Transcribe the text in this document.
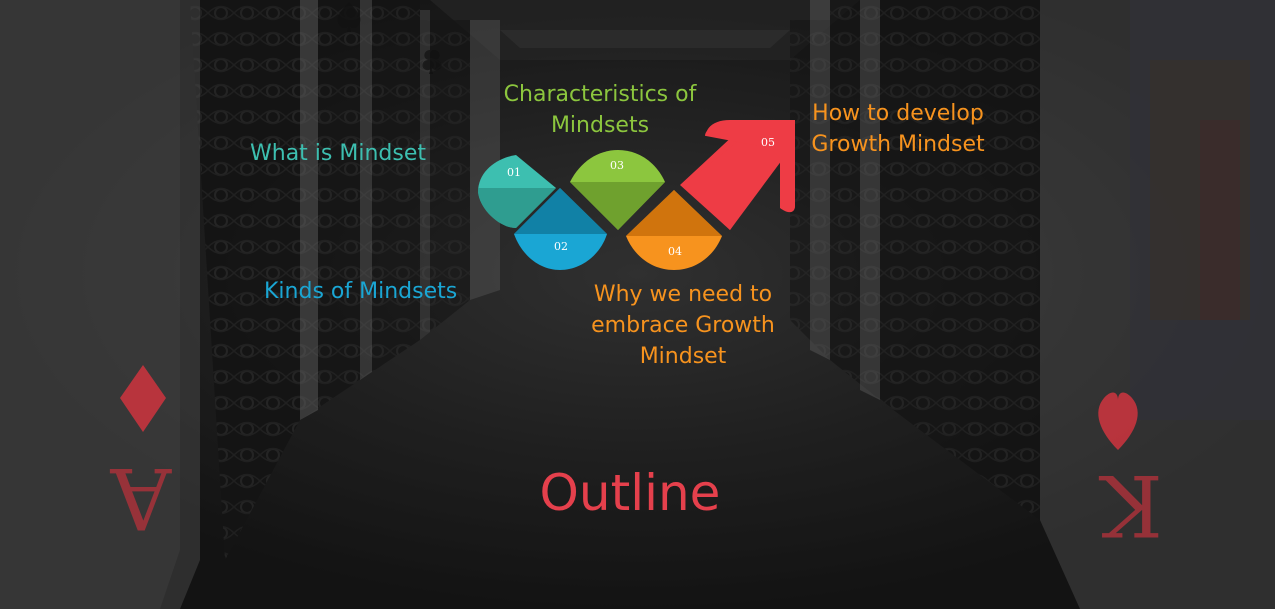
A	K
01
02
03
04
05
What is Mindset
Kinds of Mindsets
Characteristics of
Mindsets
Why we need to
embrace Growth
Mindset
How to develop
Growth Mindset
Outline
